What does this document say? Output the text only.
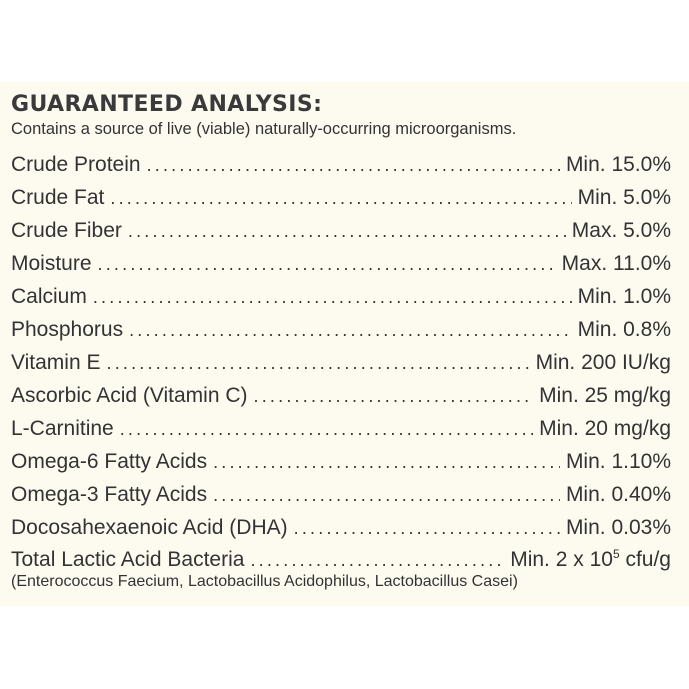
GUARANTEED ANALYSIS:
Contains a source of live (viable) naturally-occurring microorganisms.
Crude Protein .....	Min. 15.0%
Crude Fat .....	Min. 5.0%
Crude Fiber .....	Max. 5.0%
Moisture .....	Max. 11.0%
Calcium .....	Min. 1.0%
Phosphorus .....	Min. 0.8%
Vitamin E .....	Min. 200 IU/kg
Ascorbic Acid (Vitamin C) .....	Min. 25 mg/kg
L-Carnitine .....	Min. 20 mg/kg
Omega-6 Fatty Acids .....	Min. 1.10%
Omega-3 Fatty Acids .....	Min. 0.40%
Docosahexaenoic Acid (DHA) .....	Min. 0.03%
Total Lactic Acid Bacteria .....	Min. 2 x $10^5$ cfu/g
(Enterococcus Faecium, Lactobacillus Acidophilus, Lactobacillus Casei)
